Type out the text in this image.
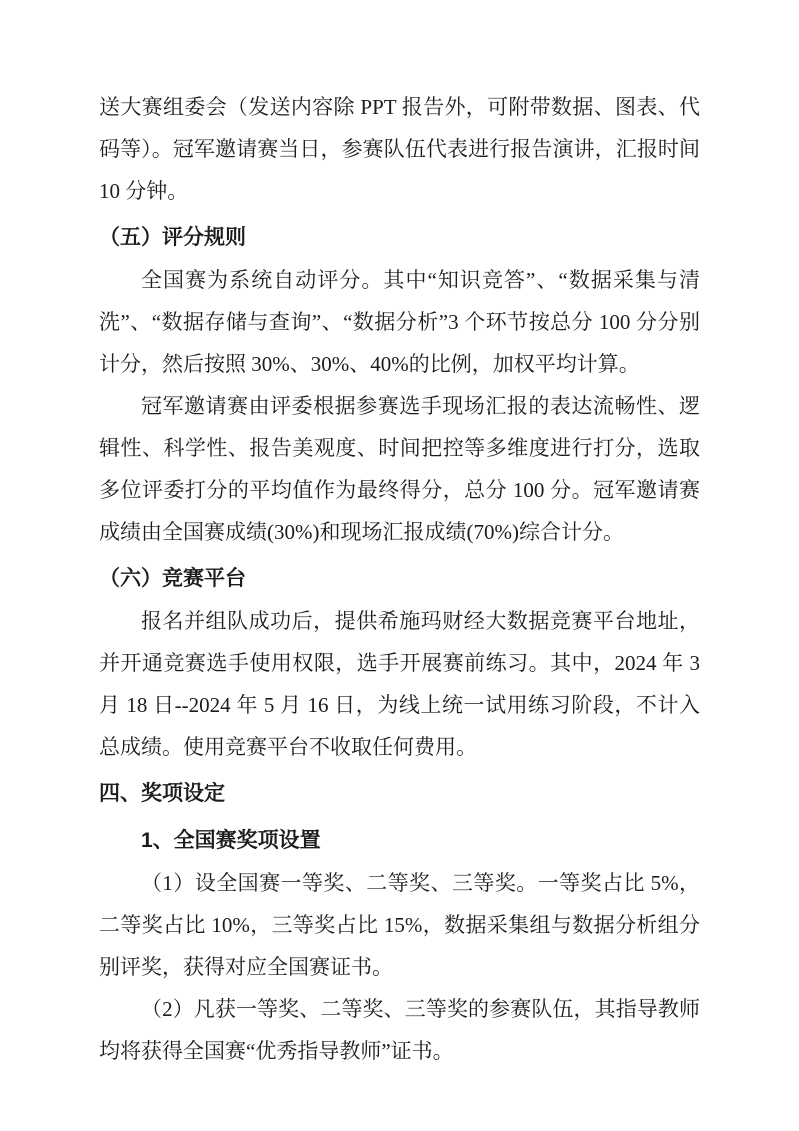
送大赛组委会（发送内容除 PPT 报告外，可附带数据、图表、代码等）。冠军邀请赛当日，参赛队伍代表进行报告演讲，汇报时间 10 分钟。

（五）评分规则

全国赛为系统自动评分。其中“知识竞答”、“数据采集与清洗”、“数据存储与查询”、“数据分析”3 个环节按总分 100 分分别计分，然后按照 30%、30%、40%的比例，加权平均计算。

冠军邀请赛由评委根据参赛选手现场汇报的表达流畅性、逻辑性、科学性、报告美观度、时间把控等多维度进行打分，选取多位评委打分的平均值作为最终得分，总分 100 分。冠军邀请赛成绩由全国赛成绩(30%)和现场汇报成绩(70%)综合计分。

（六）竞赛平台

报名并组队成功后，提供希施玛财经大数据竞赛平台地址，并开通竞赛选手使用权限，选手开展赛前练习。其中，2024 年 3 月 18 日--2024 年 5 月 16 日，为线上统一试用练习阶段，不计入总成绩。使用竞赛平台不收取任何费用。

四、奖项设定
1、全国赛奖项设置

（1）设全国赛一等奖、二等奖、三等奖。一等奖占比 5%，二等奖占比 10%，三等奖占比 15%，数据采集组与数据分析组分别评奖，获得对应全国赛证书。

（2）凡获一等奖、二等奖、三等奖的参赛队伍，其指导教师均将获得全国赛“优秀指导教师”证书。
